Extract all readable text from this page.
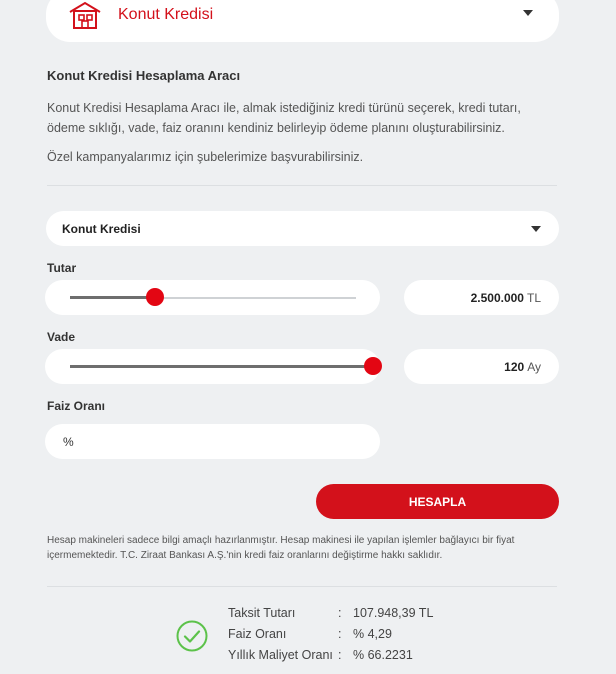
Konut Kredisi
Konut Kredisi Hesaplama Aracı
Konut Kredisi Hesaplama Aracı ile, almak istediğiniz kredi türünü seçerek, kredi tutarı, ödeme sıklığı, vade, faiz oranını kendiniz belirleyip ödeme planını oluşturabilirsiniz.
Özel kampanyalarımız için şubelerimize başvurabilirsiniz.
Konut Kredisi
Tutar
2.500.000 TL
Vade
120 Ay
Faiz Oranı
%
HESAPLA
Hesap makineleri sadece bilgi amaçlı hazırlanmıştır. Hesap makinesi ile yapılan işlemler bağlayıcı bir fiyat içermemektedir. T.C. Ziraat Bankası A.Ş.'nin kredi faiz oranlarını değiştirme hakkı saklıdır.
Taksit Tutarı	: 107.948,39 TL
Faiz Oranı	: % 4,29
Yıllık Maliyet Oranı : % 66.2231
